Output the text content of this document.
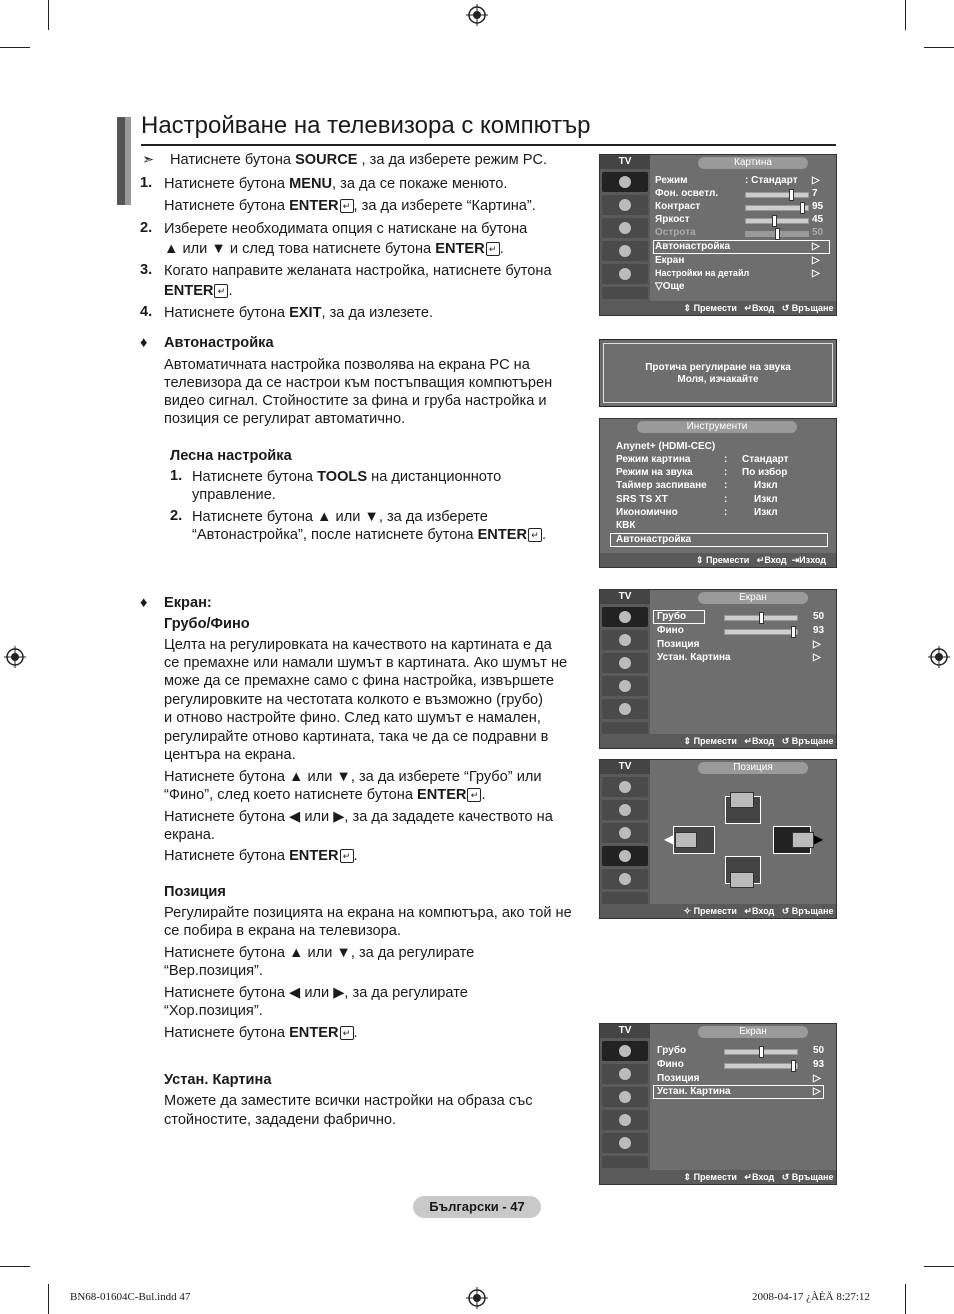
Настройване на телевизора с компютър
➣ Натиснете бутона SOURCE , за да изберете режим PC.
1. Натиснете бутона MENU, за да се покаже менюто.
Натиснете бутона ENTER ↵ , за да изберете “Картина”.
2. Изберете необходимата опция с натискане на бутона
▲ или ▼ и след това натиснете бутона ENTER ↵ .
3. Когато направите желаната настройка, натиснете бутона
ENTER ↵ .
4. Натиснете бутона EXIT, за да излезете.
♦ Автонастройка
Автоматичната настройка позволява на екрана PC на
телевизора да се настрои към постъпващия компютърен
видео сигнал. Стойностите за фина и груба настройка и
позиция се регулират автоматично.
Лесна настройка
1. Натиснете бутона TOOLS на дистанционното
управление.
2. Натиснете бутона ▲ или ▼, за да изберете
“Автонастройка”, после натиснете бутона ENTER ↵ .
♦ Екран:
Грубо/Фино
Целта на регулировката на качеството на картината е да
се премахне или намали шумът в картината. Ако шумът не
може да се премахне само с фина настройка, извършете
регулировките на честотата колкото е възможно (грубо)
и отново настройте фино. След като шумът е намален,
регулирайте отново картината, така че да се подравни в
центъра на екрана.
Натиснете бутона ▲ или ▼, за да изберете “Грубо” или
“Фино”, след което натиснете бутона ENTER ↵ .
Натиснете бутона ◀ или ▶, за да зададете качеството на
екрана.
Натиснете бутона ENTER ↵ .
Позиция
Регулирайте позицията на екрана на компютъра, ако той не
се побира в екрана на телевизора.
Натиснете бутона ▲ или ▼, за да регулирате
“Вер.позиция”.
Натиснете бутона ◀ или ▶, за да регулирате
“Хор.позиция”.
Натиснете бутона ENTER ↵ .
Устан. Картина
Можете да заместите всички настройки на образа със
стойностите, зададени фабрично.
TV	Картина
Режим	: Стандарт ▷
Фон. осветл.	7
Контраст	95
Яркост	45
Острота	50
Автонастройка	▷
Екран	▷
Настройки на детайл	▷
▽Още
⇕ Премести   ↵Вход   ↺ Връщане
Протича регулиране на звука
Моля, изчакайте
Инструменти
Anynet+ (HDMI-CEC)
Режим картина	: Стандарт
Режим на звука	: По избор
Таймер заспиване :	Изкл
SRS TS XT	:	Изкл
Икономично	:	Изкл
КВК
Автонастройка
⇕ Премести   ↵Вход  ⇥Изход
TV	Екран
Грубо	50
Фино	93
Позиция	▷
Устан. Картина	▷
⇕ Премести   ↵Вход   ↺ Връщане
TV	Позиция
◀	▶
✧ Премести   ↵Вход   ↺ Връщане
TV	Екран
Грубо	50
Фино	93
Позиция	▷
Устан. Картина	▷
⇕ Премести   ↵Вход   ↺ Връщане
Български - 47
BN68-01604C-Bul.indd 47	2008-04-17 ¿ÀÈÄ 8:27:12
